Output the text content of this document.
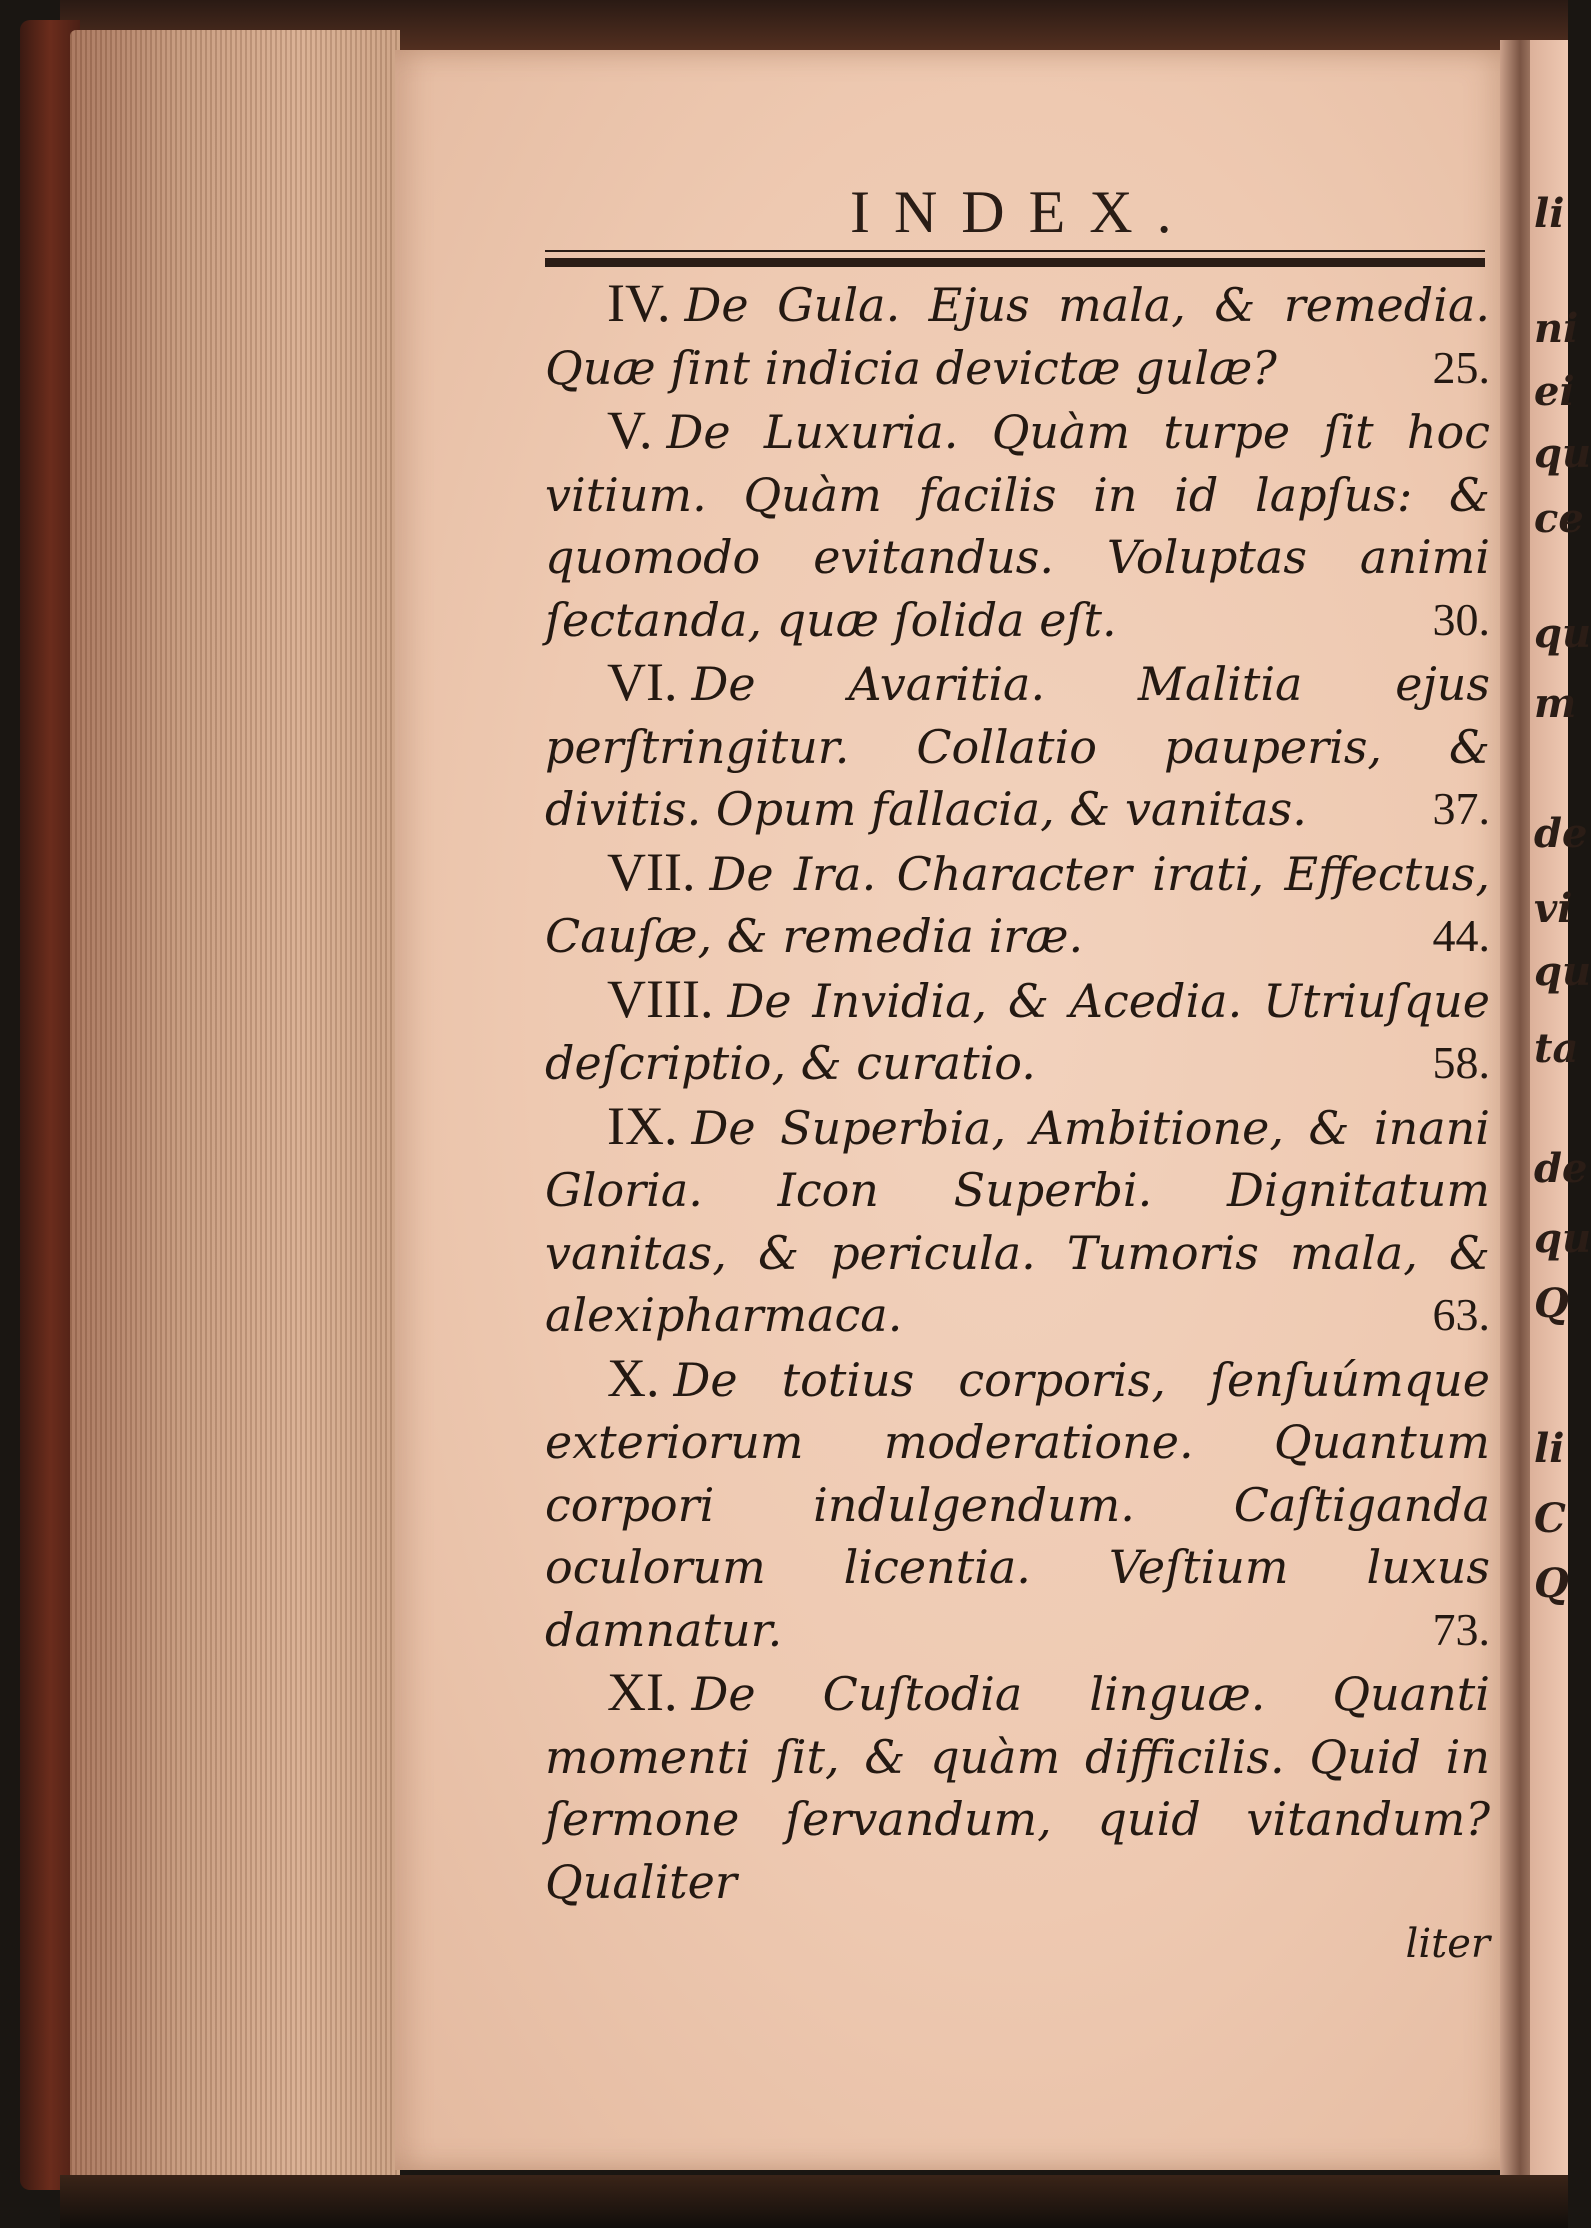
li
ni
ei
qu
ce
qu
m
de
vi
qu
ta
de
qu
Q
li
C
Q
INDEX.
IV. De Gula. Ejus mala, & remedia. Quæ ſint indicia devictæ gulæ?	25.
V. De Luxuria. Quàm turpe ſit hoc vitium. Quàm facilis in id lapſus: & quomodo evitandus. Voluptas animi ſectanda, quæ ſolida eſt.	30.
VI. De Avaritia. Malitia ejus perſtringitur. Collatio pauperis, & divitis. Opum fallacia, & vanitas.	37.
VII. De Ira. Character irati, Effectus, Cauſæ, & remedia iræ.	44.
VIII. De Invidia, & Acedia. Utriuſque deſcriptio, & curatio.	58.
IX. De Superbia, Ambitione, & inani Gloria. Icon Superbi. Dignitatum vanitas, & pericula. Tumoris mala, & alexipharmaca.	63.
X. De totius corporis, ſenſuúmque exteriorum moderatione. Quantum corpori indulgendum. Caſtiganda oculorum licentia. Veſtium luxus damnatur.	73.
XI. De Cuſtodia linguæ. Quanti momenti ſit, & quàm difficilis. Quid in ſermone ſervandum, quid vitandum? Qualiter
liter
